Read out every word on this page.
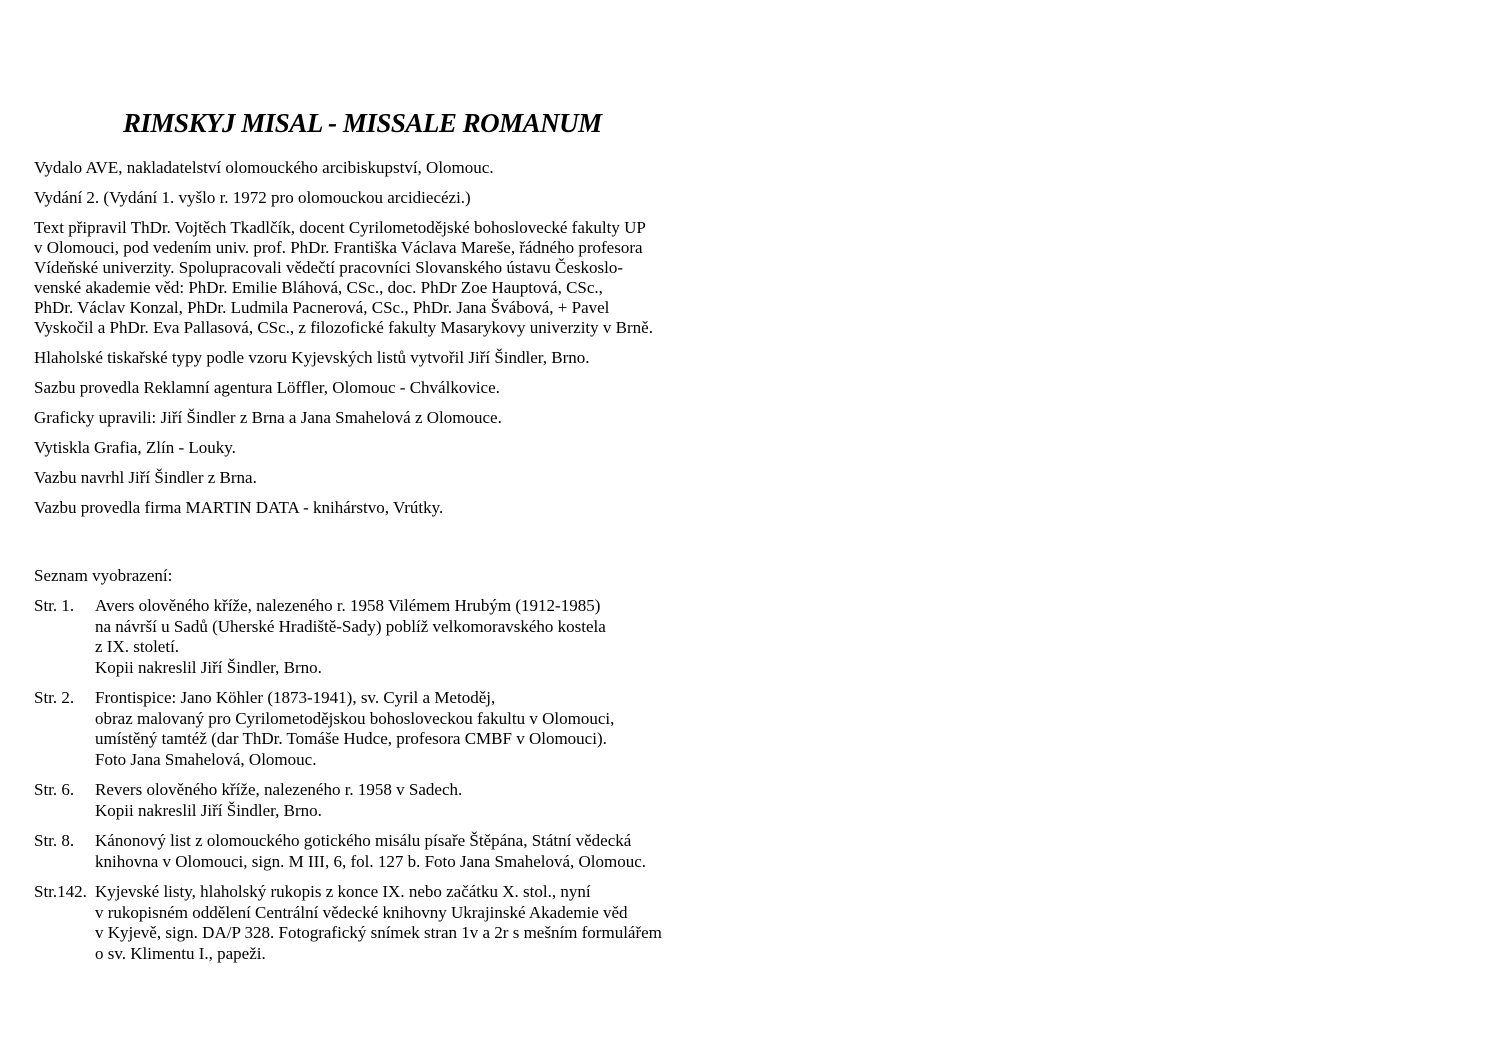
RIMSKYJ MISAL - MISSALE ROMANUM
Vydalo AVE, nakladatelství olomouckého arcibiskupství, Olomouc.
Vydání 2. (Vydání 1. vyšlo r. 1972 pro olomouckou arcidiecézi.)
Text připravil ThDr. Vojtěch Tkadlčík, docent Cyrilometodějské bohoslovecké fakulty UP
v Olomouci, pod vedením univ. prof. PhDr. Františka Václava Mareše, řádného profesora
Vídeňské univerzity. Spolupracovali vědečtí pracovníci Slovanského ústavu Českoslo-
venské akademie věd: PhDr. Emilie Bláhová, CSc., doc. PhDr Zoe Hauptová, CSc.,
PhDr. Václav Konzal, PhDr. Ludmila Pacnerová, CSc., PhDr. Jana Švábová, + Pavel
Vyskočil a PhDr. Eva Pallasová, CSc., z filozofické fakulty Masarykovy univerzity v Brně.
Hlaholské tiskařské typy podle vzoru Kyjevských listů vytvořil Jiří Šindler, Brno.
Sazbu provedla Reklamní agentura Löffler, Olomouc - Chválkovice.
Graficky upravili: Jiří Šindler z Brna a Jana Smahelová z Olomouce.
Vytiskla Grafia, Zlín - Louky.
Vazbu navrhl Jiří Šindler z Brna.
Vazbu provedla firma MARTIN DATA - knihárstvo, Vrútky.
Seznam vyobrazení:
Str. 1.	Avers olověného kříže, nalezeného r. 1958 Vilémem Hrubým (1912-1985)
na návrší u Sadů (Uherské Hradiště-Sady) poblíž velkomoravského kostela
z IX. století.
Kopii nakreslil Jiří Šindler, Brno.
Str. 2.	Frontispice: Jano Köhler (1873-1941), sv. Cyril a Metoděj,
obraz malovaný pro Cyrilometodějskou bohosloveckou fakultu v Olomouci,
umístěný tamtéž (dar ThDr. Tomáše Hudce, profesora CMBF v Olomouci).
Foto Jana Smahelová, Olomouc.
Str. 6.	Revers olověného kříže, nalezeného r. 1958 v Sadech.
Kopii nakreslil Jiří Šindler, Brno.
Str. 8.	Kánonový list z olomouckého gotického misálu písaře Štěpána, Státní vědecká
knihovna v Olomouci, sign. M III, 6, fol. 127 b. Foto Jana Smahelová, Olomouc.
Str.142. Kyjevské listy, hlaholský rukopis z konce IX. nebo začátku X. stol., nyní
v rukopisném oddělení Centrální vědecké knihovny Ukrajinské Akademie věd
v Kyjevě, sign. DA/P 328. Fotografický snímek stran 1v a 2r s mešním formulářem
o sv. Klimentu I., papeži.
